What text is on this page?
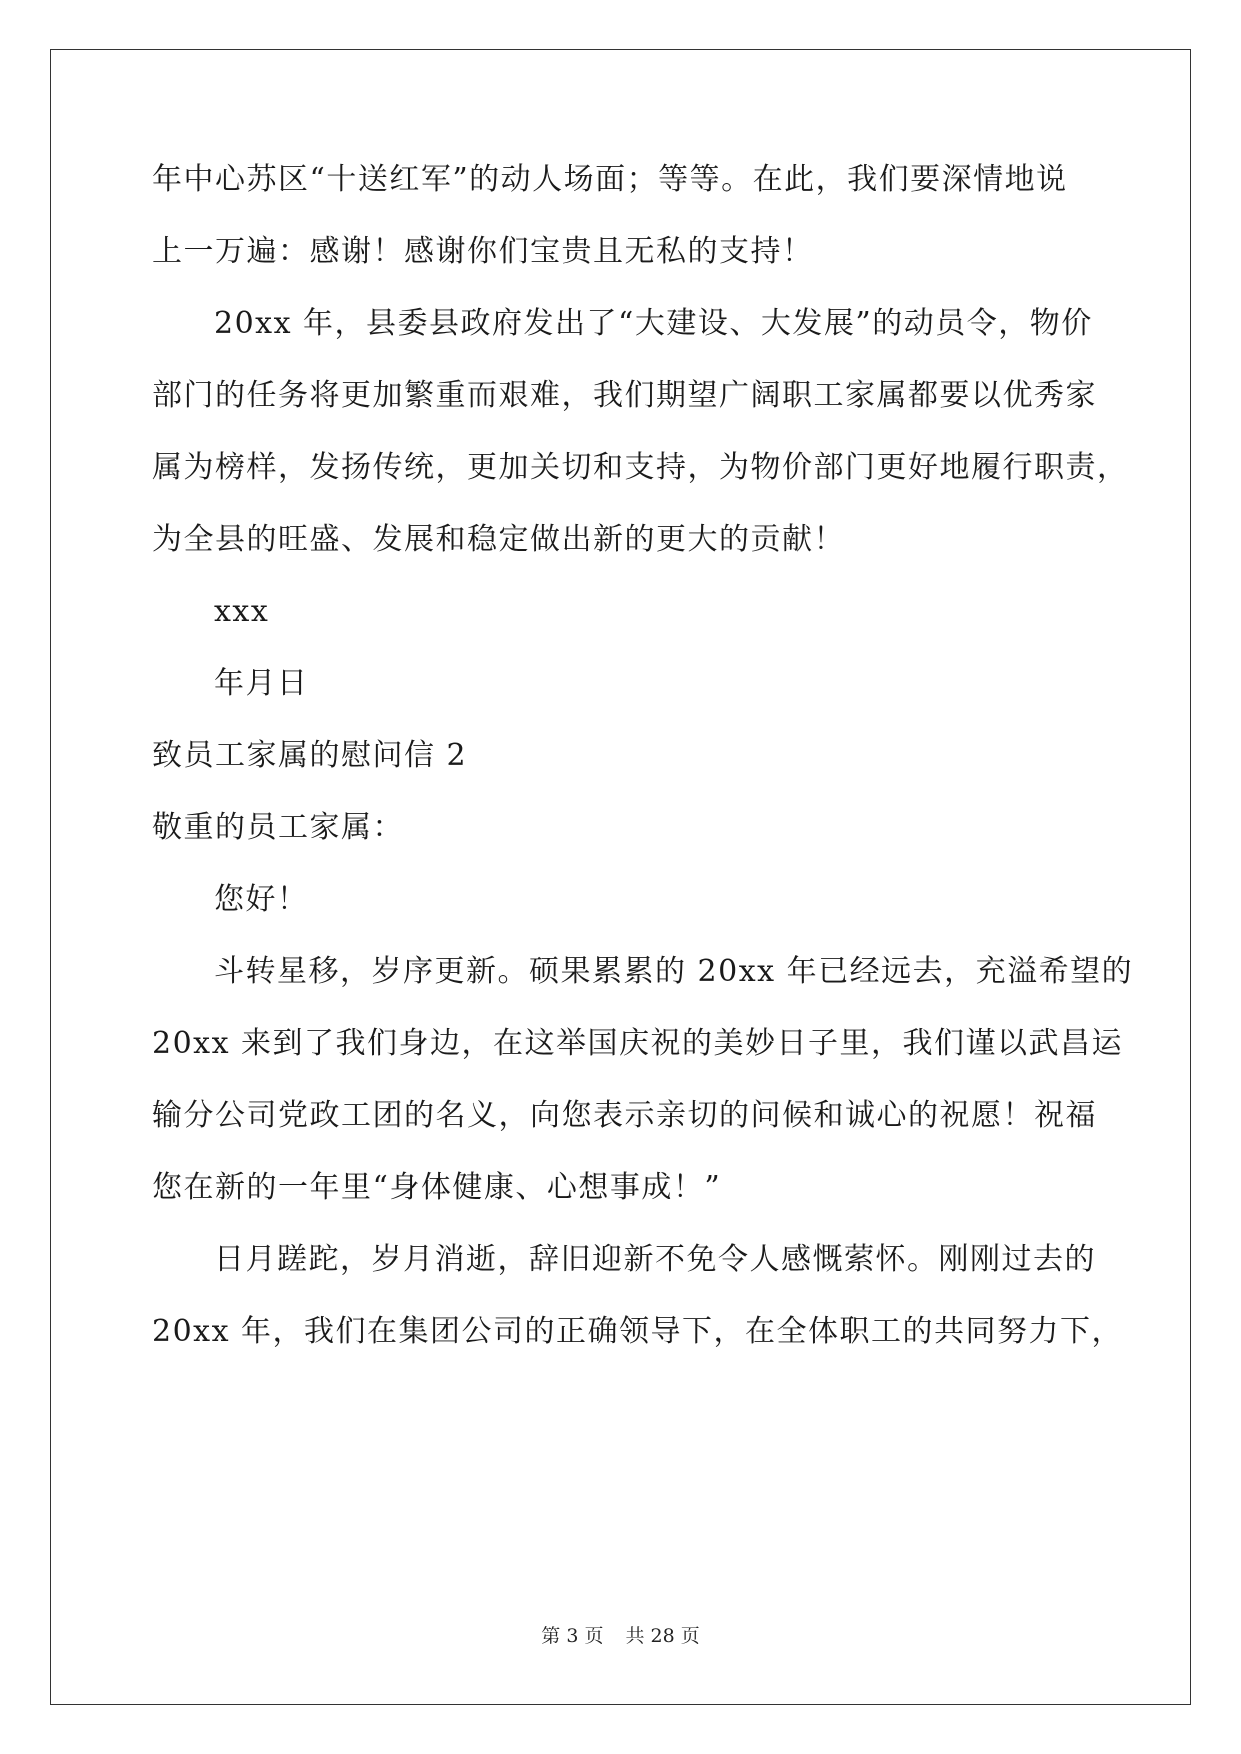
年中心苏区“十送红军”的动人场面；等等。在此，我们要深情地说
上一万遍：感谢！感谢你们宝贵且无私的支持！
20xx 年，县委县政府发出了“大建设、大发展”的动员令，物价
部门的任务将更加繁重而艰难，我们期望广阔职工家属都要以优秀家
属为榜样，发扬传统，更加关切和支持，为物价部门更好地履行职责，
为全县的旺盛、发展和稳定做出新的更大的贡献！
xxx
年月日
致员工家属的慰问信 2
敬重的员工家属：
您好！
斗转星移，岁序更新。硕果累累的 20xx 年已经远去，充溢希望的
20xx 来到了我们身边，在这举国庆祝的美妙日子里，我们谨以武昌运
输分公司党政工团的名义，向您表示亲切的问候和诚心的祝愿！祝福
您在新的一年里“身体健康、心想事成！”
日月蹉跎，岁月消逝，辞旧迎新不免令人感慨萦怀。刚刚过去的
20xx 年，我们在集团公司的正确领导下，在全体职工的共同努力下，
第 3 页 共 28 页
